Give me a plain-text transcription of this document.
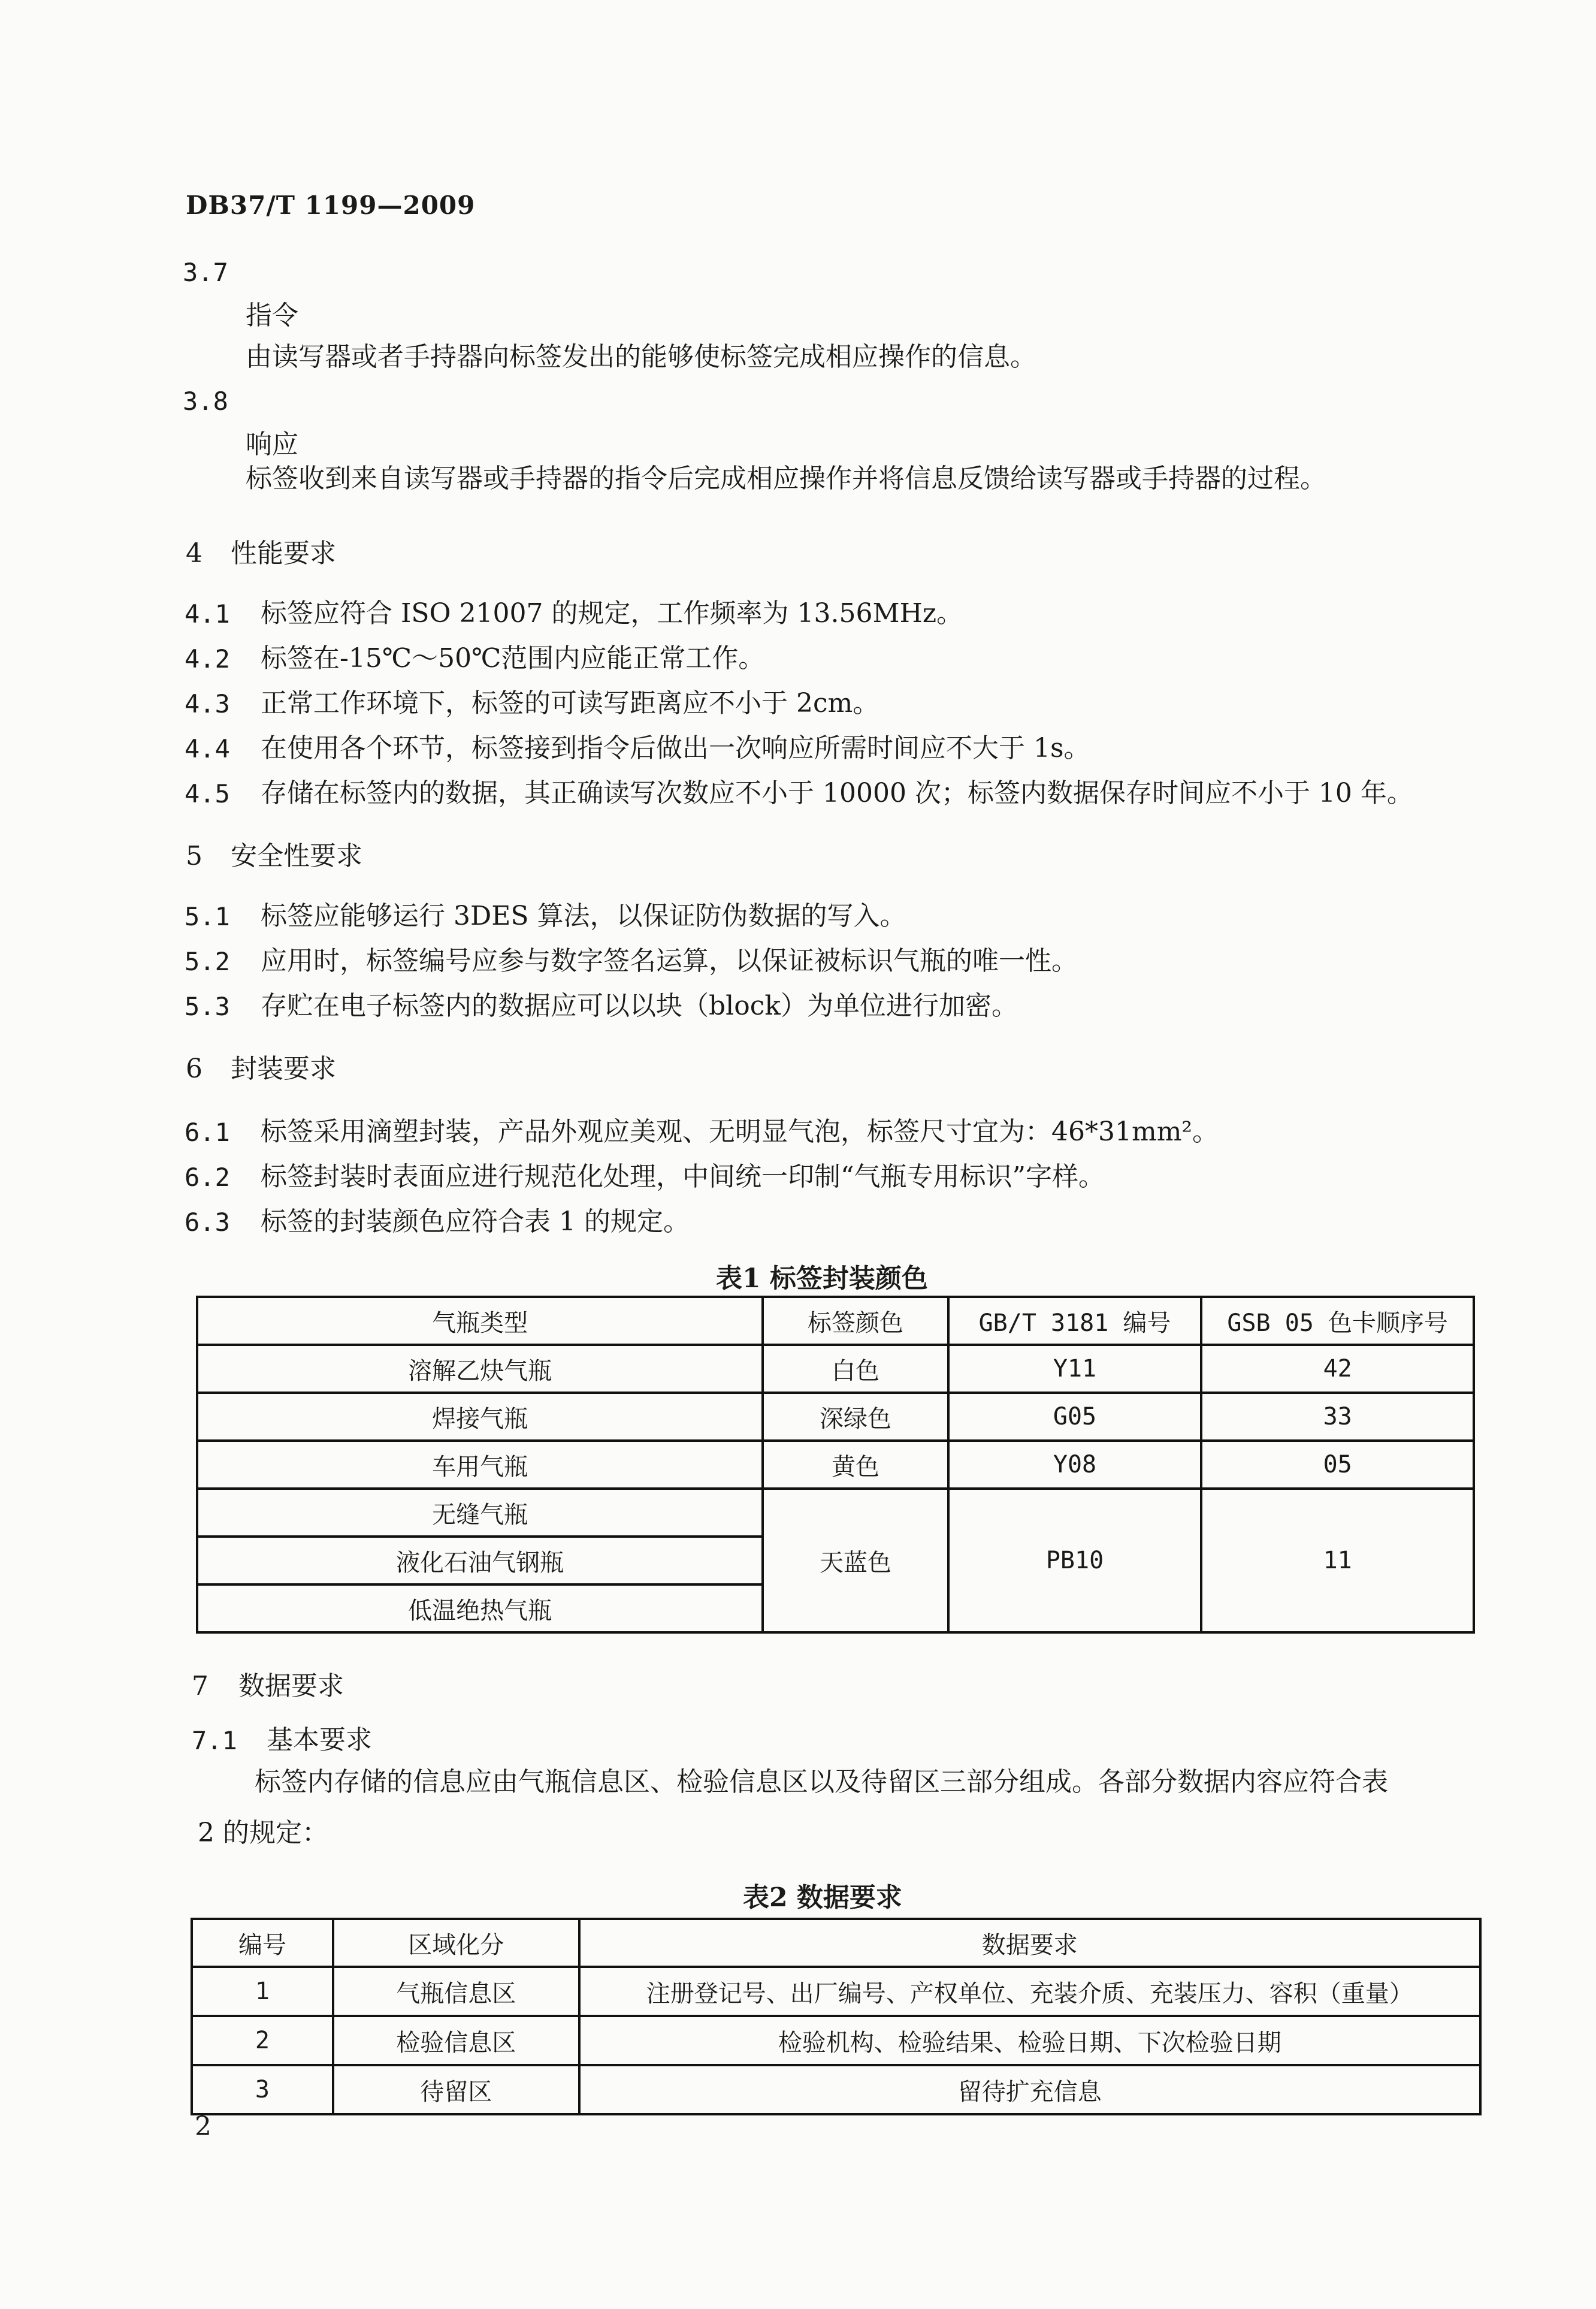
DB37/T 1199—2009
3.7
指令
由读写器或者手持器向标签发出的能够使标签完成相应操作的信息。
3.8
响应
标签收到来自读写器或手持器的指令后完成相应操作并将信息反馈给读写器或手持器的过程。
4 性能要求
4.1 标签应符合 ISO 21007 的规定，工作频率为 13.56MHz。
4.2 标签在-15℃～50℃范围内应能正常工作。
4.3 正常工作环境下，标签的可读写距离应不小于 2cm。
4.4 在使用各个环节，标签接到指令后做出一次响应所需时间应不大于 1s。
4.5 存储在标签内的数据，其正确读写次数应不小于 10000 次；标签内数据保存时间应不小于 10 年。
5 安全性要求
5.1 标签应能够运行 3DES 算法，以保证防伪数据的写入。
5.2 应用时，标签编号应参与数字签名运算，以保证被标识气瓶的唯一性。
5.3 存贮在电子标签内的数据应可以以块（block）为单位进行加密。
6 封装要求
6.1 标签采用滴塑封装，产品外观应美观、无明显气泡，标签尺寸宜为：46*31mm²。
6.2 标签封装时表面应进行规范化处理，中间统一印制“气瓶专用标识”字样。
6.3 标签的封装颜色应符合表 1 的规定。
表1 标签封装颜色
气瓶类型	标签颜色	GB/T 3181 编号	GSB 05 色卡顺序号
溶解乙炔气瓶	白色	Y11	42
焊接气瓶	深绿色	G05	33
车用气瓶	黄色	Y08	05
无缝气瓶	天蓝色	PB10	11
液化石油气钢瓶			
低温绝热气瓶			
7 数据要求
7.1 基本要求
标签内存储的信息应由气瓶信息区、检验信息区以及待留区三部分组成。各部分数据内容应符合表
2 的规定：
表2 数据要求
编号	区域化分	数据要求
1	气瓶信息区	注册登记号、出厂编号、产权单位、充装介质、充装压力、容积（重量）
2	检验信息区	检验机构、检验结果、检验日期、下次检验日期
3	待留区	留待扩充信息
2
